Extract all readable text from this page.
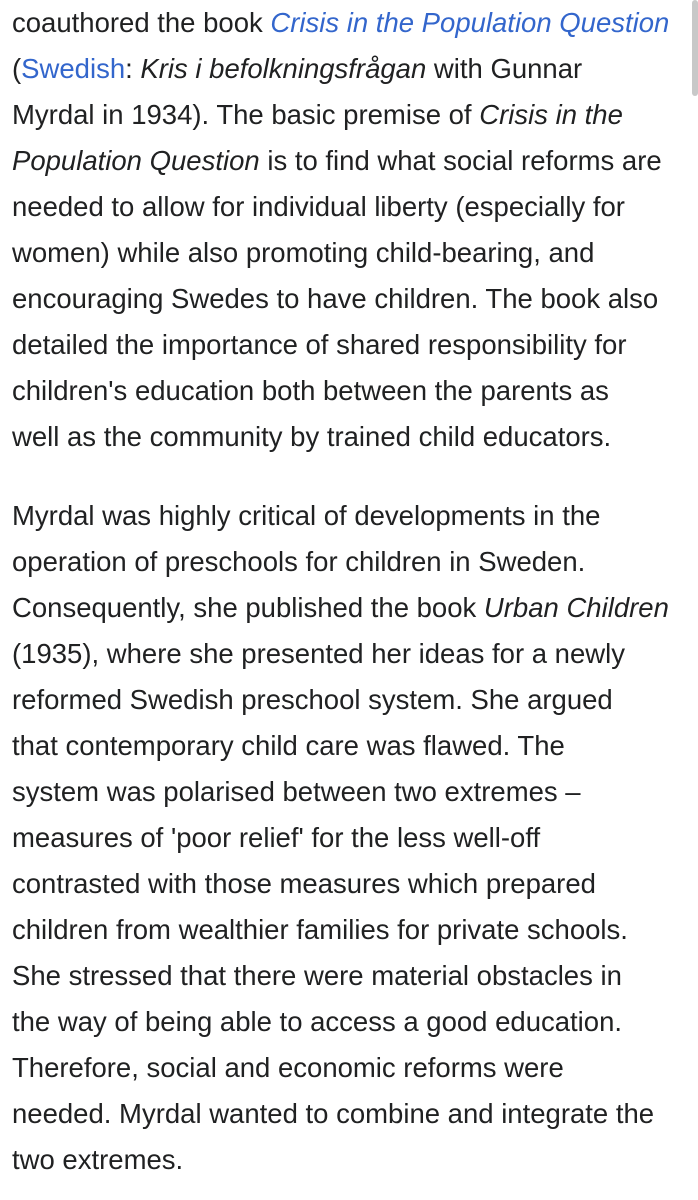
coauthored the book Crisis in the Population Question
(Swedish: Kris i befolkningsfrågan with Gunnar
Myrdal in 1934). The basic premise of Crisis in the
Population Question is to find what social reforms are
needed to allow for individual liberty (especially for
women) while also promoting child-bearing, and
encouraging Swedes to have children. The book also
detailed the importance of shared responsibility for
children's education both between the parents as
well as the community by trained child educators.

Myrdal was highly critical of developments in the
operation of preschools for children in Sweden.
Consequently, she published the book Urban Children
(1935), where she presented her ideas for a newly
reformed Swedish preschool system. She argued
that contemporary child care was flawed. The
system was polarised between two extremes –
measures of 'poor relief' for the less well-off
contrasted with those measures which prepared
children from wealthier families for private schools.
She stressed that there were material obstacles in
the way of being able to access a good education.
Therefore, social and economic reforms were
needed. Myrdal wanted to combine and integrate the
two extremes.
